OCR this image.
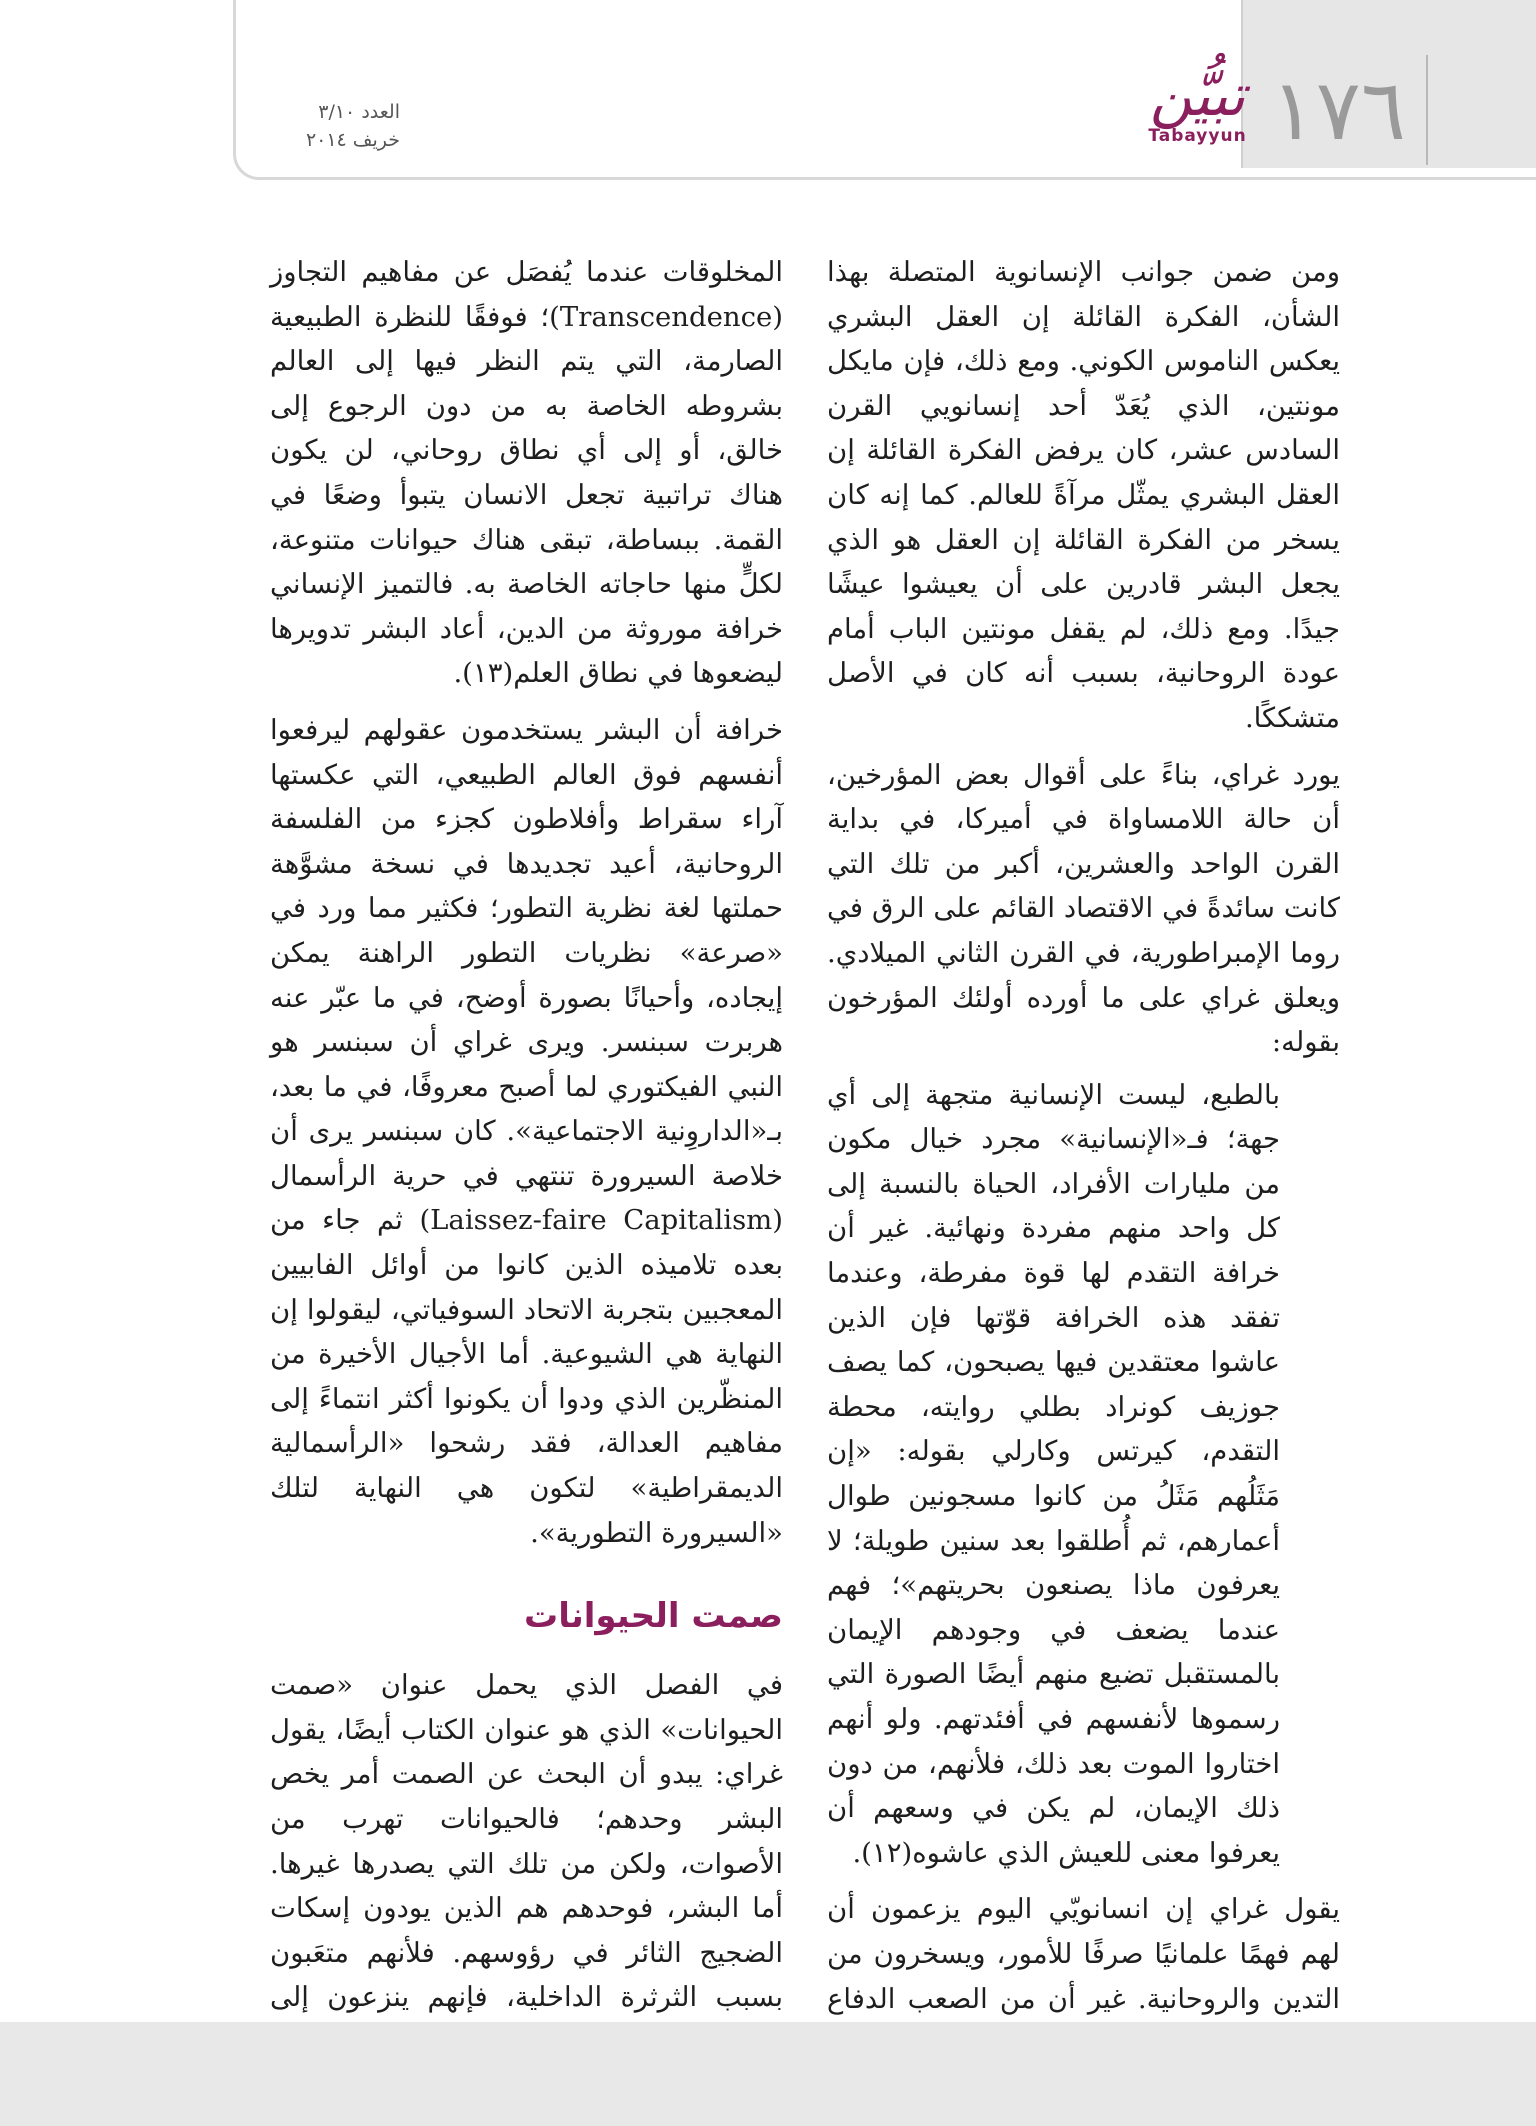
١٧٦
تبيُّن
Tabayyun
العدد ٣/١٠
خريف ٢٠١٤

ومن ضمن جوانب الإنسانوية المتصلة بهذا الشأن، الفكرة القائلة إن العقل البشري يعكس الناموس الكوني. ومع ذلك، فإن مايكل مونتين، الذي يُعَدّ أحد إنسانويي القرن السادس عشر، كان يرفض الفكرة القائلة إن العقل البشري يمثّل مرآةً للعالم. كما إنه كان يسخر من الفكرة القائلة إن العقل هو الذي يجعل البشر قادرين على أن يعيشوا عيشًا جيدًا. ومع ذلك، لم يقفل مونتين الباب أمام عودة الروحانية، بسبب أنه كان في الأصل متشككًا.

يورد غراي، بناءً على أقوال بعض المؤرخين، أن حالة اللامساواة في أميركا، في بداية القرن الواحد والعشرين، أكبر من تلك التي كانت سائدةً في الاقتصاد القائم على الرق في روما الإمبراطورية، في القرن الثاني الميلادي. ويعلق غراي على ما أورده أولئك المؤرخون بقوله:

بالطبع، ليست الإنسانية متجهة إلى أي جهة؛ فـ«الإنسانية» مجرد خيال مكون من مليارات الأفراد، الحياة بالنسبة إلى كل واحد منهم مفردة ونهائية. غير أن خرافة التقدم لها قوة مفرطة، وعندما تفقد هذه الخرافة قوّتها فإن الذين عاشوا معتقدين فيها يصبحون، كما يصف جوزيف كونراد بطلي روايته، محطة التقدم، كيرتس وكارلي بقوله: «إن مَثَلُهم مَثَلُ من كانوا مسجونين طوال أعمارهم، ثم أُطلقوا بعد سنين طويلة؛ لا يعرفون ماذا يصنعون بحريتهم»؛ فهم عندما يضعف في وجودهم الإيمان بالمستقبل تضيع منهم أيضًا الصورة التي رسموها لأنفسهم في أفئدتهم. ولو أنهم اختاروا الموت بعد ذلك، فلأنهم، من دون ذلك الإيمان، لم يكن في وسعهم أن يعرفوا معنى للعيش الذي عاشوه(١٢).

يقول غراي إن انسانويّي اليوم يزعمون أن لهم فهمًا علمانيًا صرفًا للأمور، ويسخرون من التدين والروحانية. غير أن من الصعب الدفاع

المخلوقات عندما يُفصَل عن مفاهيم التجاوز (Transcendence)؛ فوفقًا للنظرة الطبيعية الصارمة، التي يتم النظر فيها إلى العالم بشروطه الخاصة به من دون الرجوع إلى خالق، أو إلى أي نطاق روحاني، لن يكون هناك تراتبية تجعل الانسان يتبوأ وضعًا في القمة. ببساطة، تبقى هناك حيوانات متنوعة، لكلٍّ منها حاجاته الخاصة به. فالتميز الإنساني خرافة موروثة من الدين، أعاد البشر تدويرها ليضعوها في نطاق العلم(١٣).

خرافة أن البشر يستخدمون عقولهم ليرفعوا أنفسهم فوق العالم الطبيعي، التي عكستها آراء سقراط وأفلاطون كجزء من الفلسفة الروحانية، أعيد تجديدها في نسخة مشوَّهة حملتها لغة نظرية التطور؛ فكثير مما ورد في «صرعة» نظريات التطور الراهنة يمكن إيجاده، وأحيانًا بصورة أوضح، في ما عبّر عنه هربرت سبنسر. ويرى غراي أن سبنسر هو النبي الفيكتوري لما أصبح معروفًا، في ما بعد، بـ«الداروِنية الاجتماعية». كان سبنسر يرى أن خلاصة السيرورة تنتهي في حرية الرأسمال (Laissez-faire Capitalism) ثم جاء من بعده تلاميذه الذين كانوا من أوائل الفابيين المعجبين بتجربة الاتحاد السوفياتي، ليقولوا إن النهاية هي الشيوعية. أما الأجيال الأخيرة من المنظّرين الذي ودوا أن يكونوا أكثر انتماءً إلى مفاهيم العدالة، فقد رشحوا «الرأسمالية الديمقراطية» لتكون هي النهاية لتلك «السيرورة التطورية».

صمت الحيوانات

في الفصل الذي يحمل عنوان «صمت الحيوانات» الذي هو عنوان الكتاب أيضًا، يقول غراي: يبدو أن البحث عن الصمت أمر يخص البشر وحدهم؛ فالحيوانات تهرب من الأصوات، ولكن من تلك التي يصدرها غيرها. أما البشر، فوحدهم هم الذين يودون إسكات الضجيج الثائر في رؤوسهم. فلأنهم متعَبون بسبب الثرثرة الداخلية، فإنهم ينزعون إلى
